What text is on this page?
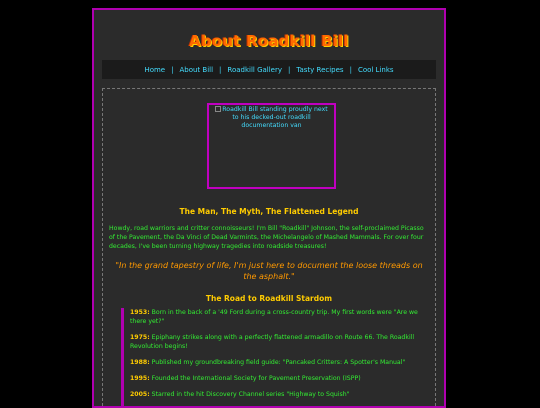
About Roadkill Bill
Home | About Bill | Roadkill Gallery | Tasty Recipes | Cool Links
Roadkill Bill standing proudly next to his decked-out roadkill documentation van
The Man, The Myth, The Flattened Legend
Howdy, road warriors and critter connoisseurs! I'm Bill "Roadkill" Johnson, the self-proclaimed Picasso of the Pavement, the Da Vinci of Dead Varmints, the Michelangelo of Mashed Mammals. For over four decades, I've been turning highway tragedies into roadside treasures!
"In the grand tapestry of life, I'm just here to document the loose threads on the asphalt."
The Road to Roadkill Stardom
1953: Born in the back of a '49 Ford during a cross-country trip. My first words were "Are we there yet?"
1975: Epiphany strikes along with a perfectly flattened armadillo on Route 66. The Roadkill Revolution begins!
1988: Published my groundbreaking field guide: "Pancaked Critters: A Spotter's Manual"
1995: Founded the International Society for Pavement Preservation (ISPP)
2005: Starred in the hit Discovery Channel series "Highway to Squish"
